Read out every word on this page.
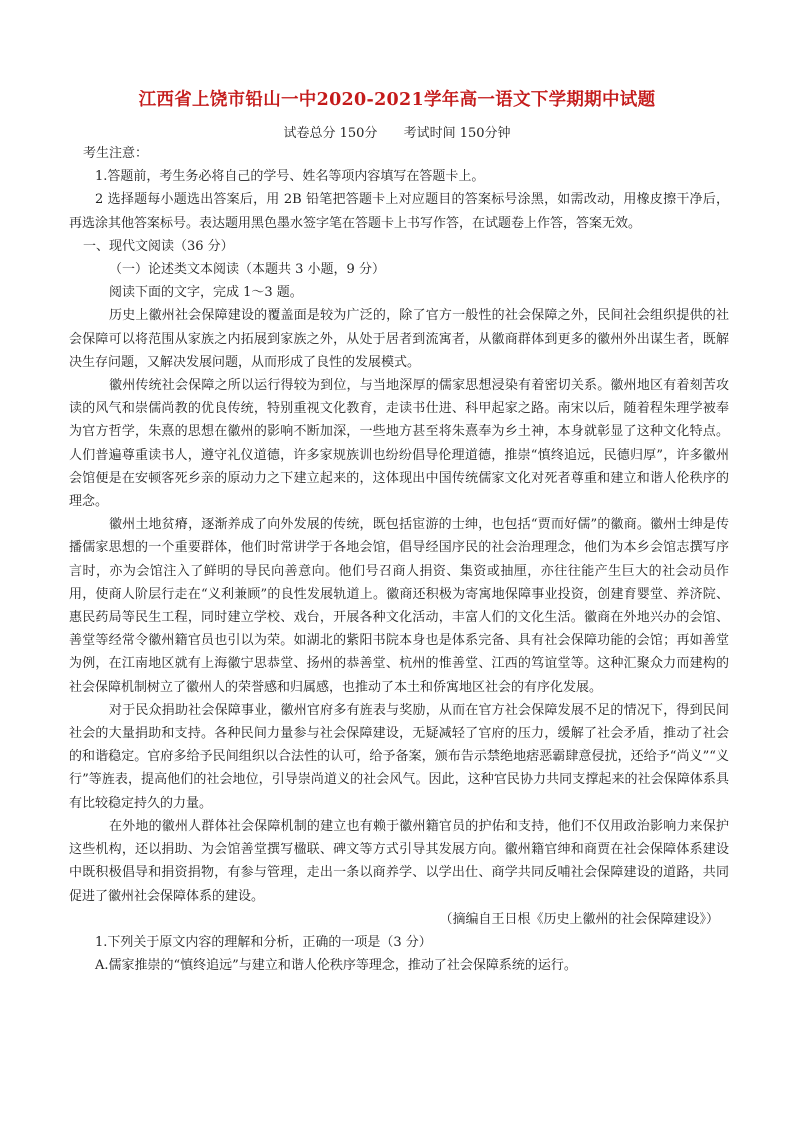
江西省上饶市铅山一中2020-2021学年高一语文下学期期中试题
试卷总分 150分 考试时间 150分钟

考生注意：

1.答题前，考生务必将自己的学号、姓名等项内容填写在答题卡上。

2 选择题每小题选出答案后，用 2B 铅笔把答题卡上对应题目的答案标号涂黑，如需改动，用橡皮擦干净后，再选涂其他答案标号。表达题用黑色墨水签字笔在答题卡上书写作答，在试题卷上作答，答案无效。

一、现代文阅读（36 分）

（一）论述类文本阅读（本题共 3 小题，9 分）

阅读下面的文字，完成 1～3 题。

历史上徽州社会保障建设的覆盖面是较为广泛的，除了官方一般性的社会保障之外，民间社会组织提供的社会保障可以将范围从家族之内拓展到家族之外，从处于居者到流寓者，从徽商群体到更多的徽州外出谋生者，既解决生存问题，又解决发展问题，从而形成了良性的发展模式。

徽州传统社会保障之所以运行得较为到位，与当地深厚的儒家思想浸染有着密切关系。徽州地区有着刻苦攻读的风气和崇儒尚教的优良传统，特别重视文化教育，走读书仕进、科甲起家之路。南宋以后，随着程朱理学被奉为官方哲学，朱熹的思想在徽州的影响不断加深，一些地方甚至将朱熹奉为乡土神，本身就彰显了这种文化特点。人们普遍尊重读书人，遵守礼仪道德，许多家规族训也纷纷倡导伦理道德，推崇“慎终追远，民德归厚”，许多徽州会馆便是在安顿客死乡亲的原动力之下建立起来的，这体现出中国传统儒家文化对死者尊重和建立和谐人伦秩序的理念。

徽州土地贫瘠，逐渐养成了向外发展的传统，既包括宦游的士绅，也包括“贾而好儒”的徽商。徽州士绅是传播儒家思想的一个重要群体，他们时常讲学于各地会馆，倡导经国序民的社会治理理念，他们为本乡会馆志撰写序言时，亦为会馆注入了鲜明的导民向善意向。他们号召商人捐资、集资或抽厘，亦往往能产生巨大的社会动员作用，使商人阶层行走在“义利兼顾”的良性发展轨道上。徽商还积极为寄寓地保障事业投资，创建育婴堂、养济院、惠民药局等民生工程，同时建立学校、戏台，开展各种文化活动，丰富人们的文化生活。徽商在外地兴办的会馆、善堂等经常令徽州籍官员也引以为荣。如湖北的紫阳书院本身也是体系完备、具有社会保障功能的会馆；再如善堂为例，在江南地区就有上海徽宁思恭堂、扬州的恭善堂、杭州的惟善堂、江西的笃谊堂等。这种汇聚众力而建构的社会保障机制树立了徽州人的荣誉感和归属感，也推动了本土和侨寓地区社会的有序化发展。

对于民众捐助社会保障事业，徽州官府多有旌表与奖励，从而在官方社会保障发展不足的情况下，得到民间社会的大量捐助和支持。各种民间力量参与社会保障建设，无疑减轻了官府的压力，缓解了社会矛盾，推动了社会的和谐稳定。官府多给予民间组织以合法性的认可，给予备案，颁布告示禁绝地痞恶霸肆意侵扰，还给予“尚义”“义行”等旌表，提高他们的社会地位，引导崇尚道义的社会风气。因此，这种官民协力共同支撑起来的社会保障体系具有比较稳定持久的力量。

在外地的徽州人群体社会保障机制的建立也有赖于徽州籍官员的护佑和支持，他们不仅用政治影响力来保护这些机构，还以捐助、为会馆善堂撰写楹联、碑文等方式引导其发展方向。徽州籍官绅和商贾在社会保障体系建设中既积极倡导和捐资捐物，有参与管理，走出一条以商养学、以学出仕、商学共同反哺社会保障建设的道路，共同促进了徽州社会保障体系的建设。

（摘编自王日根《历史上徽州的社会保障建设》）

1.下列关于原文内容的理解和分析，正确的一项是（3 分）

A.儒家推崇的“慎终追远”与建立和谐人伦秩序等理念，推动了社会保障系统的运行。
